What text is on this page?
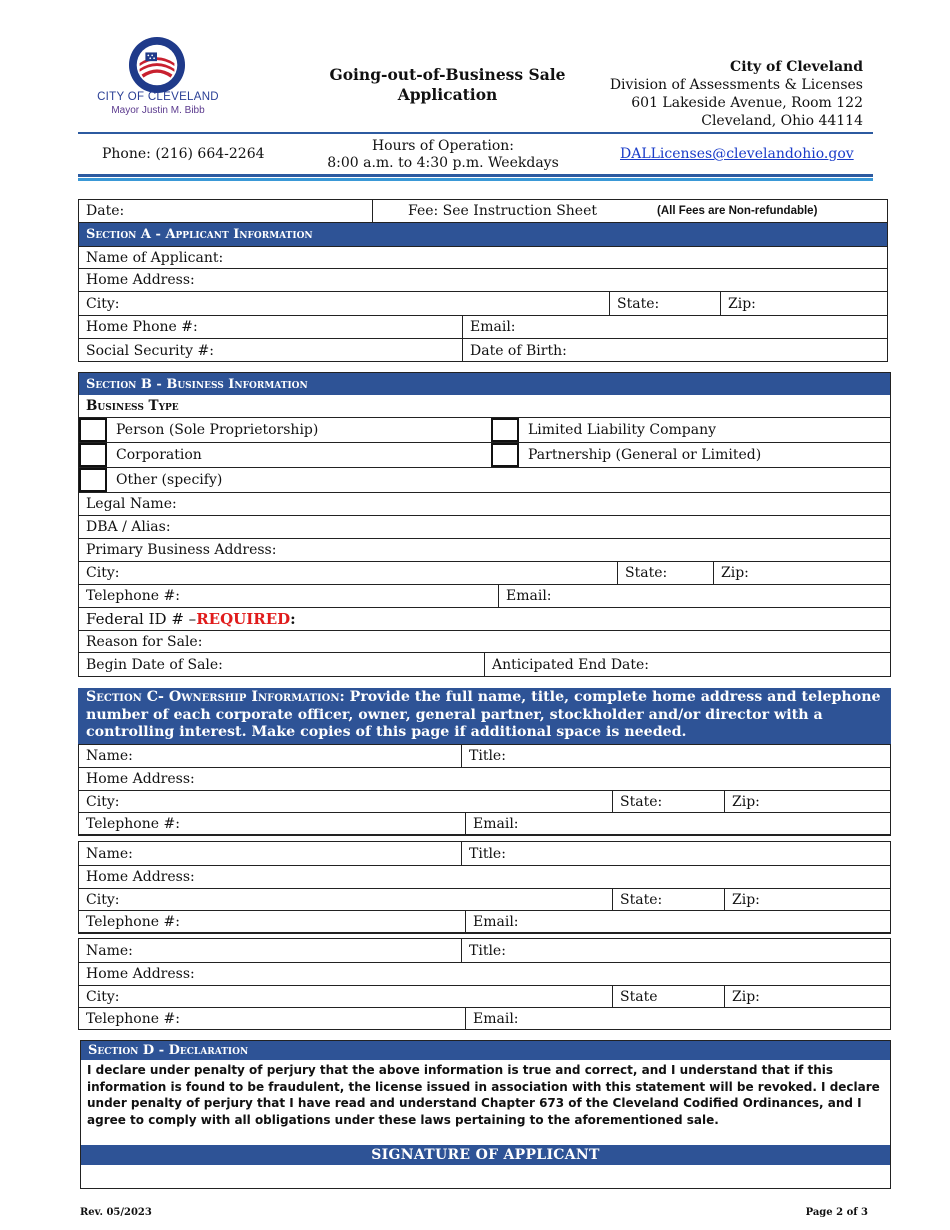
CITY OF CLEVELAND
Mayor Justin M. Bibb
Going-out-of-Business Sale
Application
City of Cleveland
Division of Assessments & Licenses
601 Lakeside Avenue, Room 122
Cleveland, Ohio 44114
Phone: (216) 664-2264	Hours of Operation:
8:00 a.m. to 4:30 p.m. Weekdays
DALLicenses@clevelandohio.gov
Date:	Fee: See Instruction Sheet	(All Fees are Non-refundable)
Section A - Applicant Information
Name of Applicant:
Home Address:
City:	State:	Zip:
Home Phone #:	Email:
Social Security #:	Date of Birth:
Section B - Business Information
Business Type
Person (Sole Proprietorship)	Limited Liability Company
Corporation	Partnership (General or Limited)
Other (specify)
Legal Name:
DBA / Alias:
Primary Business Address:
City:	State:	Zip:
Telephone #:	Email:
Federal ID # – REQUIRED :
Reason for Sale:
Begin Date of Sale:	Anticipated End Date:
Section C- Ownership Information: Provide the full name, title, complete home address and telephone number of each corporate officer, owner, general partner, stockholder and/or director with a controlling interest. Make copies of this page if additional space is needed.
Name:	Title:
Home Address:
City:	State:	Zip:
Telephone #:	Email:
Name:	Title:
Home Address:
City:	State:	Zip:
Telephone #:	Email:
Name:	Title:
Home Address:
City:	State	Zip:
Telephone #:	Email:
Section D - Declaration
I declare under penalty of perjury that the above information is true and correct, and I understand that if this information is found to be fraudulent, the license issued in association with this statement will be revoked. I declare under penalty of perjury that I have read and understand Chapter 673 of the Cleveland Codified Ordinances, and I agree to comply with all obligations under these laws pertaining to the aforementioned sale.
SIGNATURE OF APPLICANT
Rev. 05/2023	Page 2 of 3
